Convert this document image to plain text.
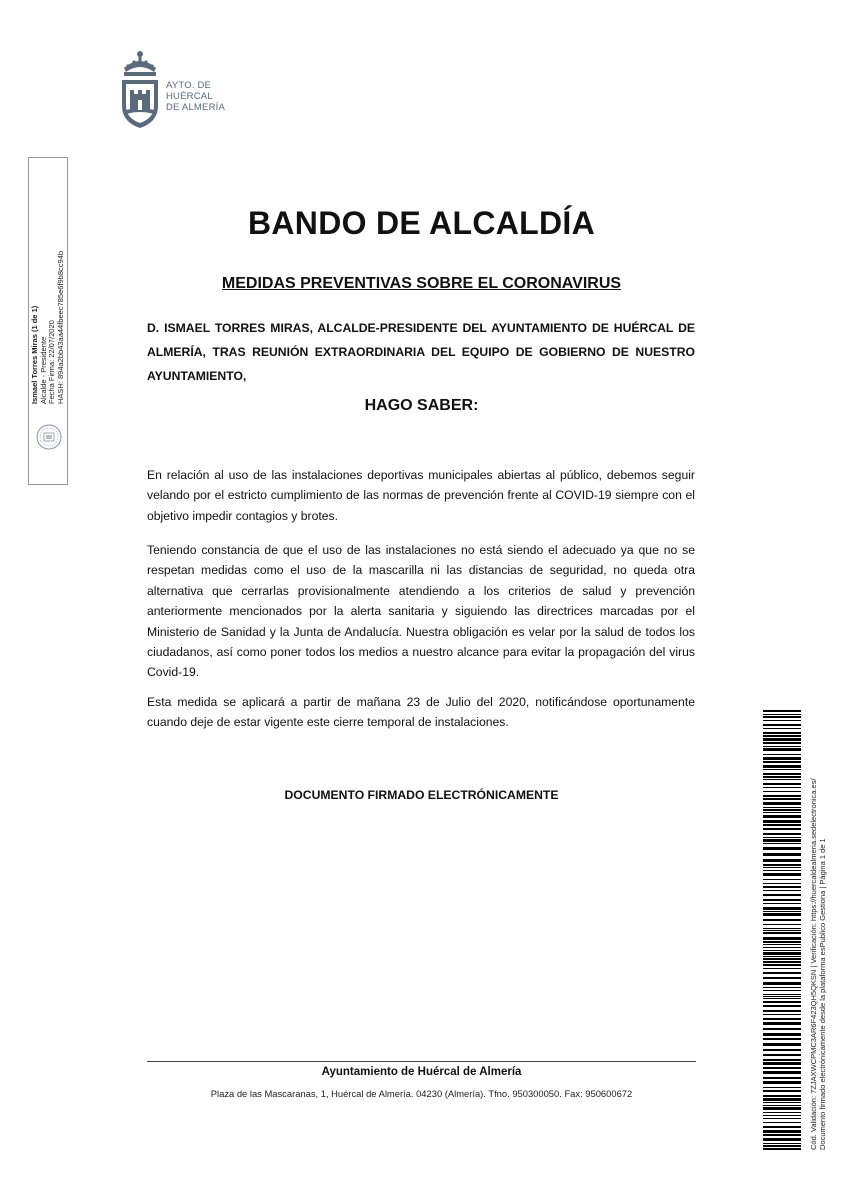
AYTO. DE
HUÉRCAL
DE ALMERÍA
Ismael Torres Miras (1 de 1) Alcalde - Presidente Fecha Firma: 22/07/2020 HASH: 894a2bb43aa44fbeec785e6f9b8cc94b
BANDO DE ALCALDÍA
MEDIDAS PREVENTIVAS SOBRE EL CORONAVIRUS

D. ISMAEL TORRES MIRAS, ALCALDE-PRESIDENTE DEL AYUNTAMIENTO DE HUÉRCAL DE ALMERÍA, TRAS REUNIÓN EXTRAORDINARIA DEL EQUIPO DE GOBIERNO DE NUESTRO AYUNTAMIENTO,

HAGO SABER:

En relación al uso de las instalaciones deportivas municipales abiertas al público, debemos seguir velando por el estricto cumplimiento de las normas de prevención frente al COVID-19 siempre con el objetivo impedir contagios y brotes.

Teniendo constancia de que el uso de las instalaciones no está siendo el adecuado ya que no se respetan medidas como el uso de la mascarilla ni las distancias de seguridad, no queda otra alternativa que cerrarlas provisionalmente atendiendo a los criterios de salud y prevención anteriormente mencionados por la alerta sanitaria y siguiendo las directrices marcadas por el Ministerio de Sanidad y la Junta de Andalucía. Nuestra obligación es velar por la salud de todos los ciudadanos, así como poner todos los medios a nuestro alcance para evitar la propagación del virus Covid-19.

Esta medida se aplicará a partir de mañana 23 de Julio del 2020, notificándose oportunamente cuando deje de estar vigente este cierre temporal de instalaciones.

DOCUMENTO FIRMADO ELECTRÓNICAMENTE
Ayuntamiento de Huércal de Almería
Plaza de las Mascaranas, 1, Huércal de Almería. 04230 (Almería). Tfno. 950300050. Fax: 950600672	Cód. Validación: 7ZJAXWCPMC3AR6F423QH5QKSN | Verificación: https://huercaldealmeria.sedelectronica.es/ Documento firmado electrónicamente desde la plataforma esPublico Gestiona | Página 1 de 1
